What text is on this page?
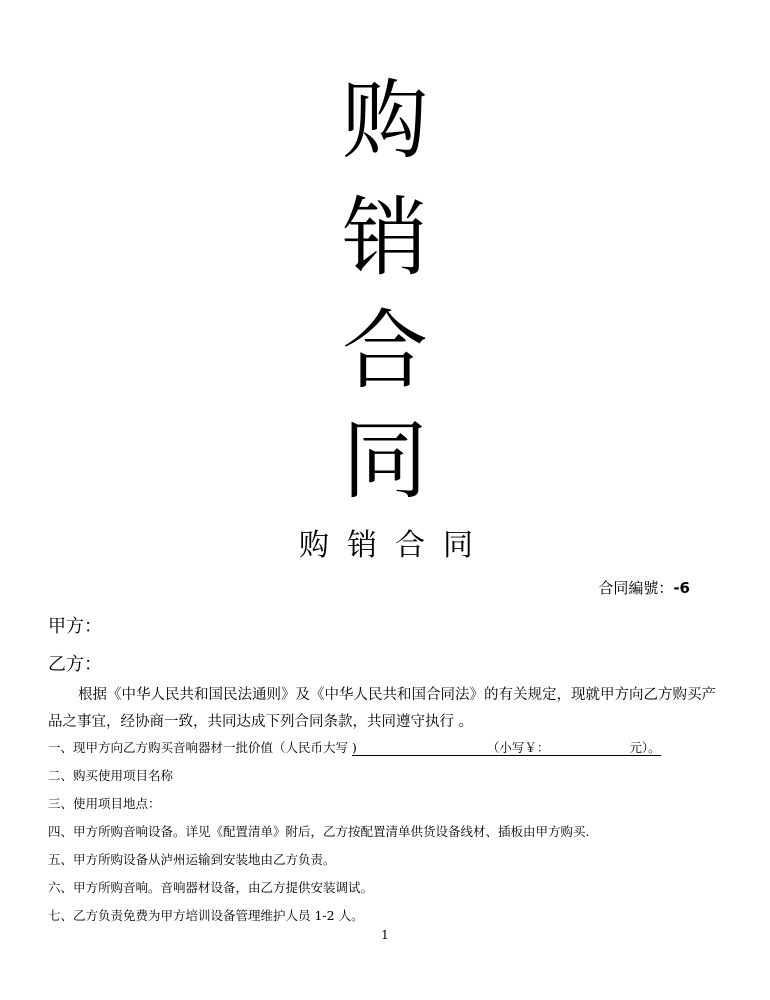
购
销
合
同
购销合同
合同編號：-6
甲方：
乙方：
根据《中华人民共和国民法通则》及《中华人民共和国合同法》的有关规定，现就甲方向乙方购买产品之事宜，经协商一致，共同达成下列合同条款，共同遵守执行 。
一、现甲方向乙方购买音响器材一批价值（人民币大写 )	（小写￥：	元）。
二、购买使用项目名称
三、使用项目地点：
四、甲方所购音响设备。详见《配置清单》附后，乙方按配置清单供货设备线材、插板由甲方购买.
五、甲方所购设备从泸州运输到安装地由乙方负责。
六、甲方所购音响。音响器材设备，由乙方提供安装调试。
七、乙方负责免费为甲方培训设备管理维护人员 1-2 人。
1
